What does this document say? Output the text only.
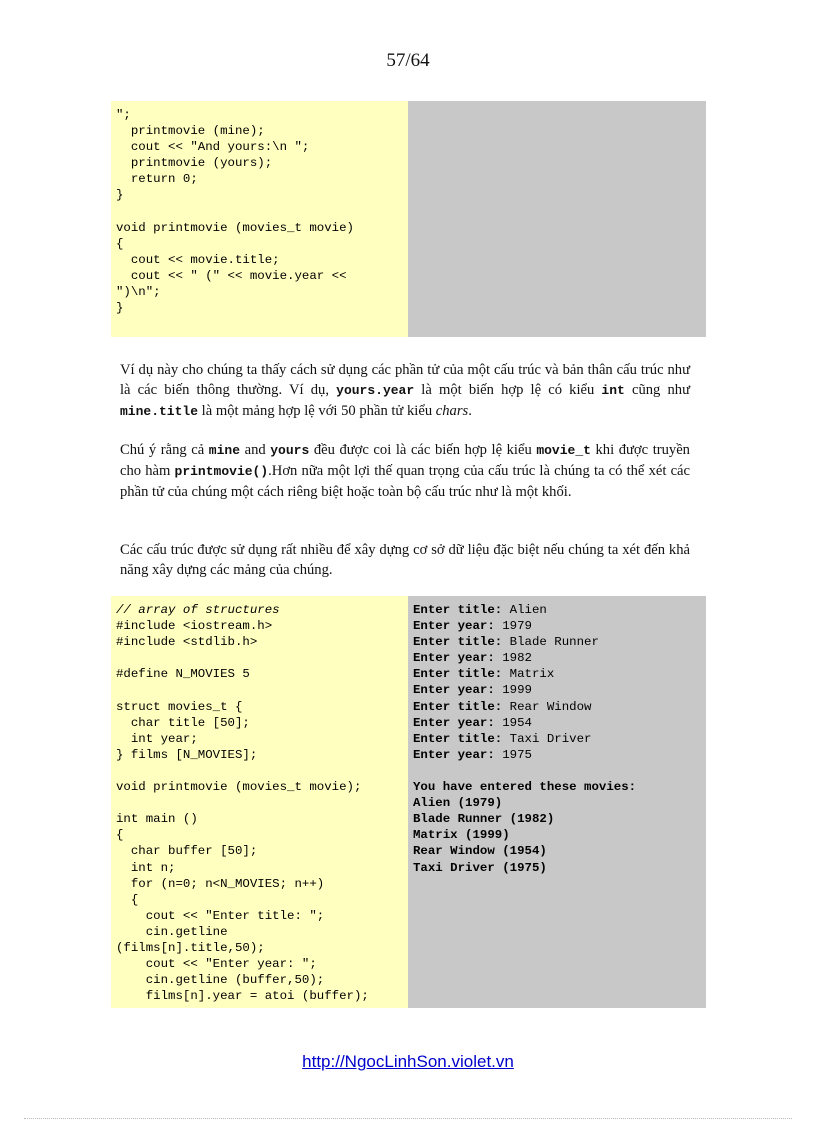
57/64
";
printmovie (mine);
cout << "And yours:\n ";
printmovie (yours);
return 0;
}
void printmovie (movies_t movie)
{
cout << movie.title;
cout << " (" << movie.year <<
")\n";
}
Ví dụ này cho chúng ta thấy cách sử dụng các phần tử của một cấu trúc và bản thân cấu trúc như là các biến thông thường. Ví dụ, yours.year là một biến hợp lệ có kiểu int cũng như mine.title là một mảng hợp lệ với 50 phần tử kiểu chars.
Chú ý rằng cả mine and yours đều được coi là các biến hợp lệ kiểu movie_t khi được truyền cho hàm printmovie().Hơn nữa một lợi thế quan trọng của cấu trúc là chúng ta có thể xét các phần tử của chúng một cách riêng biệt hoặc toàn bộ cấu trúc như là một khối.
Các cấu trúc được sử dụng rất nhiều để xây dựng cơ sở dữ liệu đặc biệt nếu chúng ta xét đến khả năng xây dựng các mảng của chúng.
// array of structures
#include <iostream.h>
#include <stdlib.h>
#define N_MOVIES 5
struct movies_t {
char title [50];
int year;
} films [N_MOVIES];
void printmovie (movies_t movie);
int main ()
{
char buffer [50];
int n;
for (n=0; n<N_MOVIES; n++)
{
cout << "Enter title: ";
cin.getline
(films[n].title,50);
cout << "Enter year: ";
cin.getline (buffer,50);
films[n].year = atoi (buffer);
Enter title: Alien
Enter year: 1979
Enter title: Blade Runner
Enter year: 1982
Enter title: Matrix
Enter year: 1999
Enter title: Rear Window
Enter year: 1954
Enter title: Taxi Driver
Enter year: 1975
You have entered these movies:
Alien (1979)
Blade Runner (1982)
Matrix (1999)
Rear Window (1954)
Taxi Driver (1975)
http://NgocLinhSon.violet.vn
